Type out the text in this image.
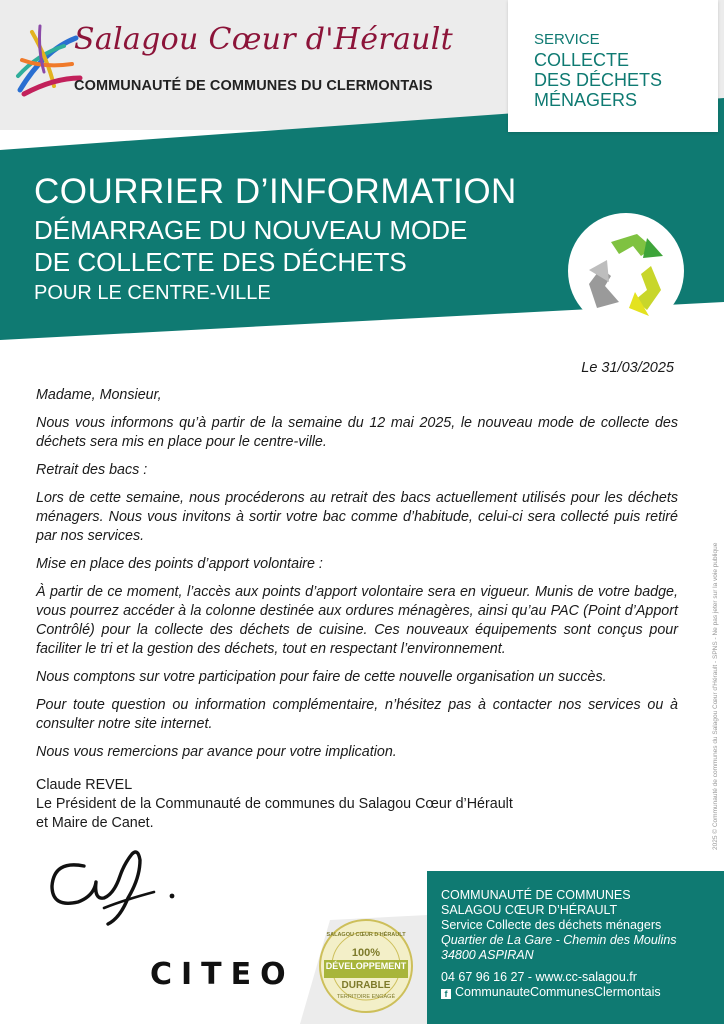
Salagou Cœur d'Hérault
COMMUNAUTÉ DE COMMUNES DU CLERMONTAIS
SERVICE
COLLECTE
DES DÉCHETS
MÉNAGERS
COURRIER D’INFORMATION
DÉMARRAGE DU NOUVEAU MODE
DE COLLECTE DES DÉCHETS
POUR LE CENTRE-VILLE
Le 31/03/2025

Madame, Monsieur,

Nous vous informons qu’à partir de la semaine du 12 mai 2025, le nouveau mode de collecte des déchets sera mis en place pour le centre-ville.

Retrait des bacs :

Lors de cette semaine, nous procéderons au retrait des bacs actuellement utilisés pour les déchets ménagers. Nous vous invitons à sortir votre bac comme d’habitude, celui-ci sera collecté puis retiré par nos services.

Mise en place des points d’apport volontaire :

À partir de ce moment, l’accès aux points d’apport volontaire sera en vigueur. Munis de votre badge, vous pourrez accéder à la colonne destinée aux ordures ménagères, ainsi qu’au PAC (Point d’Apport Contrôlé) pour la collecte des déchets de cuisine. Ces nouveaux équipements sont conçus pour faciliter le tri et la gestion des déchets, tout en respectant l’environnement.

Nous comptons sur votre participation pour faire de cette nouvelle organisation un succès.

Pour toute question ou information complémentaire, n’hésitez pas à contacter nos services ou à consulter notre site internet.

Nous vous remercions par avance pour votre implication.

Claude REVEL
Le Président de la Communauté de communes du Salagou Cœur d’Hérault
et Maire de Canet.
CITEO
SALAGOU CŒUR D'HÉRAULT
100%
DÉVELOPPEMENT
DURABLE
TERRITOIRE ENGAGÉ
COMMUNAUTÉ DE COMMUNES
SALAGOU CŒUR D’HÉRAULT
Service Collecte des déchets ménagers
Quartier de La Gare - Chemin des Moulins
34800 ASPIRAN
04 67 96 16 27 - www.cc-salagou.fr
f CommunauteCommunesClermontais
2025 © Communauté de communes du Salagou Cœur d'Hérault - SPNS - Ne pas jeter sur la voie publique
